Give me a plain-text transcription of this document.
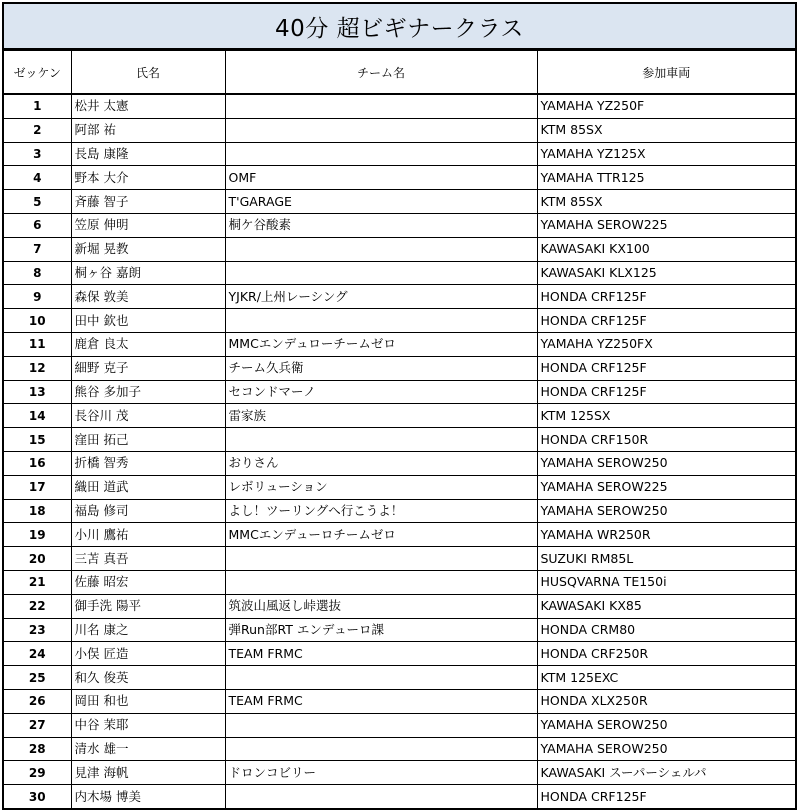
40分 超ビギナークラス
ゼッケン	氏名	チーム名	参加車両
1	松井 太憲		YAMAHA YZ250F
2	阿部 祐		KTM 85SX
3	長島 康隆		YAMAHA YZ125X
4	野本 大介	OMF	YAMAHA TTR125
5	斉藤 智子	T'GARAGE	KTM 85SX
6	笠原 伸明	桐ケ谷酸素	YAMAHA SEROW225
7	新堀 晃教		KAWASAKI KX100
8	桐ヶ谷 嘉朗		KAWASAKI KLX125
9	森保 敦美	YJKR/上州レーシング	HONDA CRF125F
10	田中 欽也		HONDA CRF125F
11	鹿倉 良太	MMCエンデュローチームゼロ	YAMAHA YZ250FX
12	細野 克子	チーム久兵衛	HONDA CRF125F
13	熊谷 多加子	セコンドマーノ	HONDA CRF125F
14	長谷川 茂	雷家族	KTM 125SX
15	窪田 拓己		HONDA CRF150R
16	折橋 智秀	おりさん	YAMAHA SEROW250
17	織田 道武	レボリューション	YAMAHA SEROW225
18	福島 修司	よし！ツーリングへ行こうよ！	YAMAHA SEROW250
19	小川 鷹祐	MMCエンデューロチームゼロ	YAMAHA WR250R
20	三苫 真吾		SUZUKI RM85L
21	佐藤 昭宏		HUSQVARNA TE150i
22	御手洗 陽平	筑波山風返し峠選抜	KAWASAKI KX85
23	川名 康之	弾Run部RT エンデューロ課	HONDA CRM80
24	小俣 匠造	TEAM FRMC	HONDA CRF250R
25	和久 俊英		KTM 125EXC
26	岡田 和也	TEAM FRMC	HONDA XLX250R
27	中谷 茉耶		YAMAHA SEROW250
28	清水 雄一		YAMAHA SEROW250
29	見津 海帆	ドロンコビリー	KAWASAKI スーパーシェルパ
30	内木場 博美		HONDA CRF125F
